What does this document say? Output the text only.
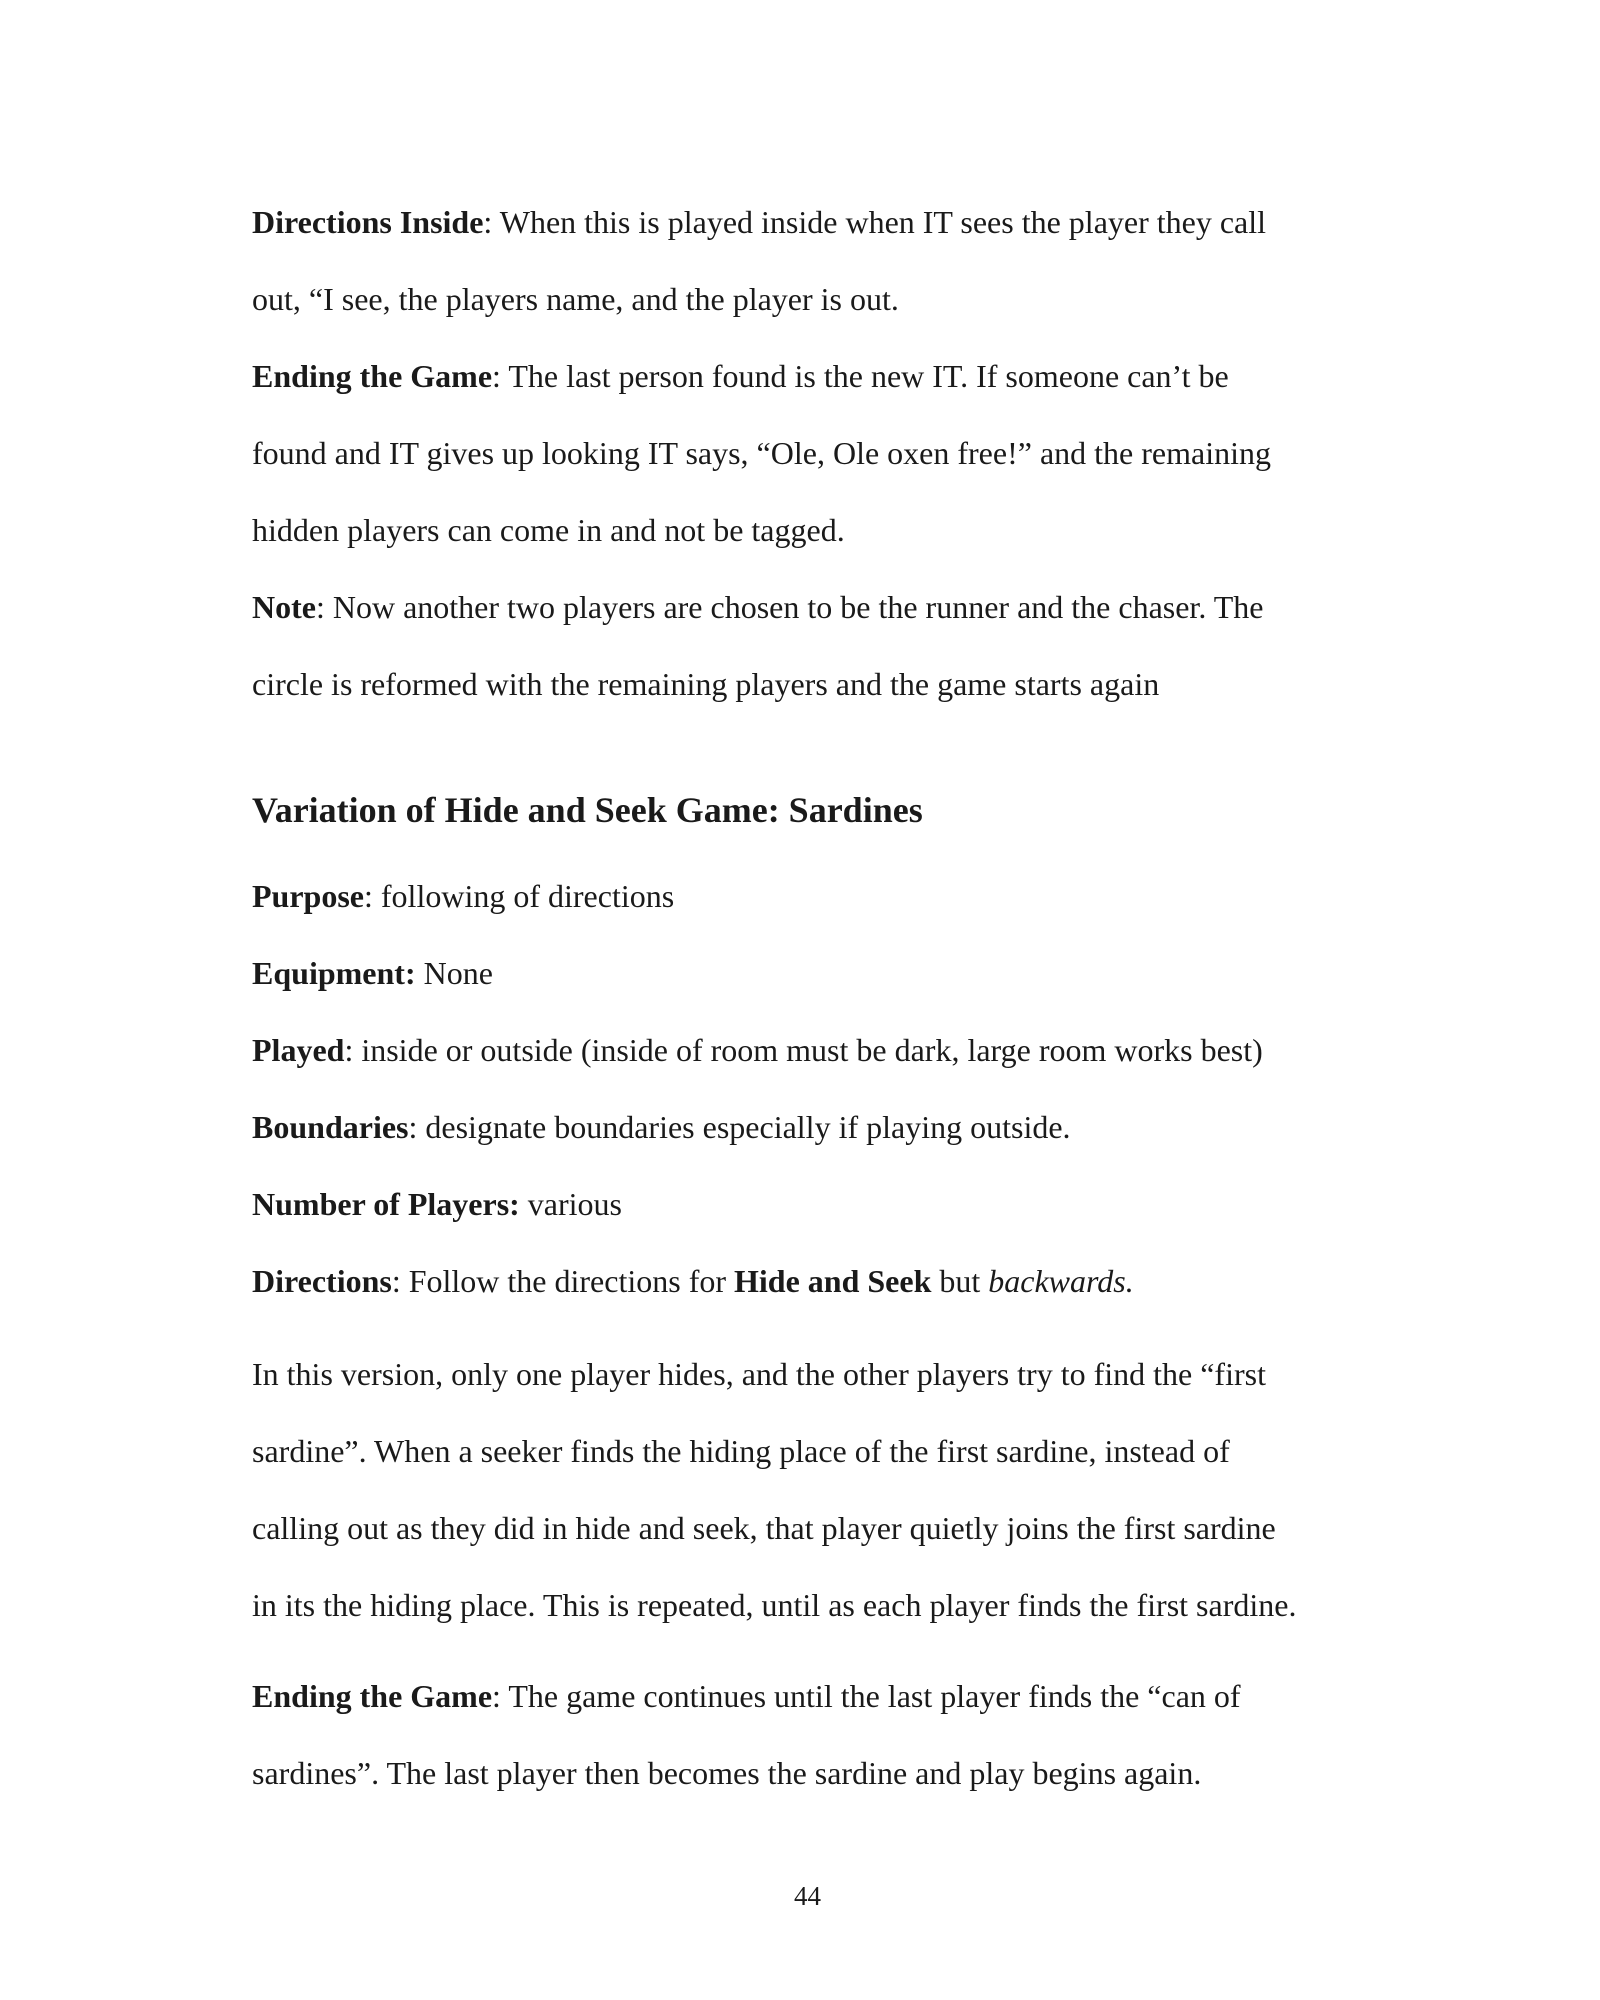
Directions Inside: When this is played inside when IT sees the player they call
out, “I see, the players name, and the player is out.
Ending the Game: The last person found is the new IT. If someone can’t be
found and IT gives up looking IT says, “Ole, Ole oxen free!” and the remaining
hidden players can come in and not be tagged.
Note: Now another two players are chosen to be the runner and the chaser. The
circle is reformed with the remaining players and the game starts again
Variation of Hide and Seek Game: Sardines
Purpose: following of directions
Equipment: None
Played: inside or outside (inside of room must be dark, large room works best)
Boundaries: designate boundaries especially if playing outside.
Number of Players: various
Directions: Follow the directions for Hide and Seek but backwards.
In this version, only one player hides, and the other players try to find the “first
sardine”. When a seeker finds the hiding place of the first sardine, instead of
calling out as they did in hide and seek, that player quietly joins the first sardine
in its the hiding place. This is repeated, until as each player finds the first sardine.
Ending the Game: The game continues until the last player finds the “can of
sardines”. The last player then becomes the sardine and play begins again.
44
